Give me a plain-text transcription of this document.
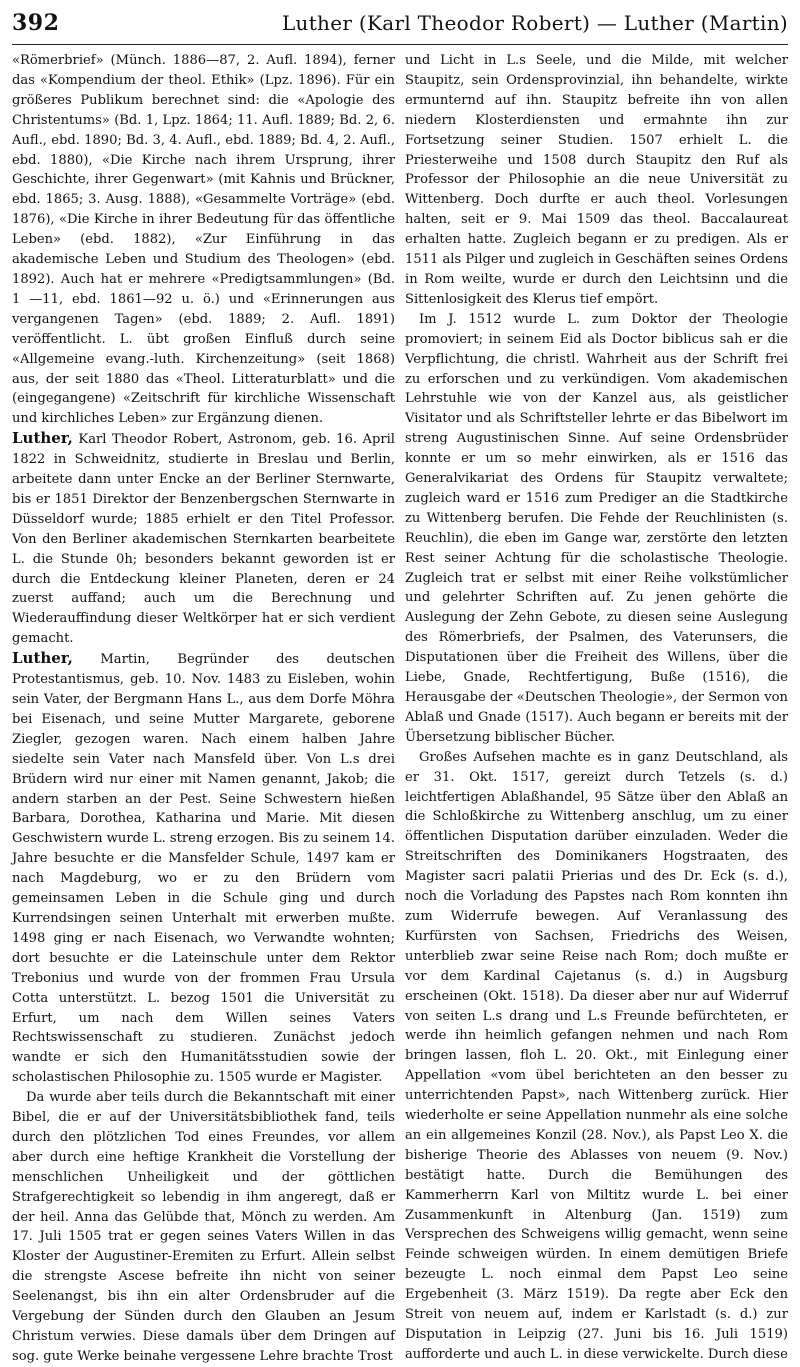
392	Luther (Karl Theodor Robert) — Luther (Martin)

«Römerbrief» (Münch. 1886—87, 2. Aufl. 1894), ferner das «Kompendium der theol. Ethik» (Lpz. 1896). Für ein größeres Publikum berechnet sind: die «Apologie des Christentums» (Bd. 1, Lpz. 1864; 11. Aufl. 1889; Bd. 2, 6. Aufl., ebd. 1890; Bd. 3, 4. Aufl., ebd. 1889; Bd. 4, 2. Aufl., ebd. 1880), «Die Kirche nach ihrem Ursprung, ihrer Geschichte, ihrer Gegenwart» (mit Kahnis und Brückner, ebd. 1865; 3. Ausg. 1888), «Gesammelte Vorträge» (ebd. 1876), «Die Kirche in ihrer Bedeutung für das öffentliche Leben» (ebd. 1882), «Zur Einführung in das akademische Leben und Studium des Theologen» (ebd. 1892). Auch hat er mehrere «Predigtsammlungen» (Bd. 1 —11, ebd. 1861—92 u. ö.) und «Erinnerungen aus vergangenen Tagen» (ebd. 1889; 2. Aufl. 1891) veröffentlicht. L. übt großen Einfluß durch seine «Allgemeine evang.-luth. Kirchenzeitung» (seit 1868) aus, der seit 1880 das «Theol. Litteraturblatt» und die (eingegangene) «Zeitschrift für kirchliche Wissenschaft und kirchliches Leben» zur Ergänzung dienen.

Luther, Karl Theodor Robert, Astronom, geb. 16. April 1822 in Schweidnitz, studierte in Breslau und Berlin, arbeitete dann unter Encke an der Berliner Sternwarte, bis er 1851 Direktor der Benzenbergschen Sternwarte in Düsseldorf wurde; 1885 erhielt er den Titel Professor. Von den Berliner akademischen Sternkarten bearbeitete L. die Stunde 0h; besonders bekannt geworden ist er durch die Entdeckung kleiner Planeten, deren er 24 zuerst auffand; auch um die Berechnung und Wiederauffindung dieser Weltkörper hat er sich verdient gemacht.

Luther, Martin, Begründer des deutschen Protestantismus, geb. 10. Nov. 1483 zu Eisleben, wohin sein Vater, der Bergmann Hans L., aus dem Dorfe Möhra bei Eisenach, und seine Mutter Margarete, geborene Ziegler, gezogen waren. Nach einem halben Jahre siedelte sein Vater nach Mansfeld über. Von L.s drei Brüdern wird nur einer mit Namen genannt, Jakob; die andern starben an der Pest. Seine Schwestern hießen Barbara, Dorothea, Katharina und Marie. Mit diesen Geschwistern wurde L. streng erzogen. Bis zu seinem 14. Jahre besuchte er die Mansfelder Schule, 1497 kam er nach Magdeburg, wo er zu den Brüdern vom gemeinsamen Leben in die Schule ging und durch Kurrendsingen seinen Unterhalt mit erwerben mußte. 1498 ging er nach Eisenach, wo Verwandte wohnten; dort besuchte er die Lateinschule unter dem Rektor Trebonius und wurde von der frommen Frau Ursula Cotta unterstützt. L. bezog 1501 die Universität zu Erfurt, um nach dem Willen seines Vaters Rechtswissenschaft zu studieren. Zunächst jedoch wandte er sich den Humanitätsstudien sowie der scholastischen Philosophie zu. 1505 wurde er Magister.

Da wurde aber teils durch die Bekanntschaft mit einer Bibel, die er auf der Universitätsbibliothek fand, teils durch den plötzlichen Tod eines Freundes, vor allem aber durch eine heftige Krankheit die Vorstellung der menschlichen Unheiligkeit und der göttlichen Strafgerechtigkeit so lebendig in ihm angeregt, daß er der heil. Anna das Gelübde that, Mönch zu werden. Am 17. Juli 1505 trat er gegen seines Vaters Willen in das Kloster der Augustiner-Eremiten zu Erfurt. Allein selbst die strengste Ascese befreite ihn nicht von seiner Seelenangst, bis ihn ein alter Ordensbruder auf die Vergebung der Sünden durch den Glauben an Jesum Christum verwies. Diese damals über dem Dringen auf sog. gute Werke beinahe vergessene Lehre brachte Trost

und Licht in L.s Seele, und die Milde, mit welcher Staupitz, sein Ordensprovinzial, ihn behandelte, wirkte ermunternd auf ihn. Staupitz befreite ihn von allen niedern Klosterdiensten und ermahnte ihn zur Fortsetzung seiner Studien. 1507 erhielt L. die Priesterweihe und 1508 durch Staupitz den Ruf als Professor der Philosophie an die neue Universität zu Wittenberg. Doch durfte er auch theol. Vorlesungen halten, seit er 9. Mai 1509 das theol. Baccalaureat erhalten hatte. Zugleich begann er zu predigen. Als er 1511 als Pilger und zugleich in Geschäften seines Ordens in Rom weilte, wurde er durch den Leichtsinn und die Sittenlosigkeit des Klerus tief empört.

Im J. 1512 wurde L. zum Doktor der Theologie promoviert; in seinem Eid als Doctor biblicus sah er die Verpflichtung, die christl. Wahrheit aus der Schrift frei zu erforschen und zu verkündigen. Vom akademischen Lehrstuhle wie von der Kanzel aus, als geistlicher Visitator und als Schriftsteller lehrte er das Bibelwort im streng Augustinischen Sinne. Auf seine Ordensbrüder konnte er um so mehr einwirken, als er 1516 das Generalvikariat des Ordens für Staupitz verwaltete; zugleich ward er 1516 zum Prediger an die Stadtkirche zu Wittenberg berufen. Die Fehde der Reuchlinisten (s. Reuchlin), die eben im Gange war, zerstörte den letzten Rest seiner Achtung für die scholastische Theologie. Zugleich trat er selbst mit einer Reihe volkstümlicher und gelehrter Schriften auf. Zu jenen gehörte die Auslegung der Zehn Gebote, zu diesen seine Auslegung des Römerbriefs, der Psalmen, des Vaterunsers, die Disputationen über die Freiheit des Willens, über die Liebe, Gnade, Rechtfertigung, Buße (1516), die Herausgabe der «Deutschen Theologie», der Sermon von Ablaß und Gnade (1517). Auch begann er bereits mit der Übersetzung biblischer Bücher.

Großes Aufsehen machte es in ganz Deutschland, als er 31. Okt. 1517, gereizt durch Tetzels (s. d.) leichtfertigen Ablaßhandel, 95 Sätze über den Ablaß an die Schloßkirche zu Wittenberg anschlug, um zu einer öffentlichen Disputation darüber einzuladen. Weder die Streitschriften des Dominikaners Hogstraaten, des Magister sacri palatii Prierias und des Dr. Eck (s. d.), noch die Vorladung des Papstes nach Rom konnten ihn zum Widerrufe bewegen. Auf Veranlassung des Kurfürsten von Sachsen, Friedrichs des Weisen, unterblieb zwar seine Reise nach Rom; doch mußte er vor dem Kardinal Cajetanus (s. d.) in Augsburg erscheinen (Okt. 1518). Da dieser aber nur auf Widerruf von seiten L.s drang und L.s Freunde befürchteten, er werde ihn heimlich gefangen nehmen und nach Rom bringen lassen, floh L. 20. Okt., mit Einlegung einer Appellation «vom übel berichteten an den besser zu unterrichtenden Papst», nach Wittenberg zurück. Hier wiederholte er seine Appellation nunmehr als eine solche an ein allgemeines Konzil (28. Nov.), als Papst Leo X. die bisherige Theorie des Ablasses von neuem (9. Nov.) bestätigt hatte. Durch die Bemühungen des Kammerherrn Karl von Miltitz wurde L. bei einer Zusammenkunft in Altenburg (Jan. 1519) zum Versprechen des Schweigens willig gemacht, wenn seine Feinde schweigen würden. In einem demütigen Briefe bezeugte L. noch einmal dem Papst Leo seine Ergebenheit (3. März 1519). Da regte aber Eck den Streit von neuem auf, indem er Karlstadt (s. d.) zur Disputation in Leipzig (27. Juni bis 16. Juli 1519) aufforderte und auch L. in diese verwickelte. Durch diese
